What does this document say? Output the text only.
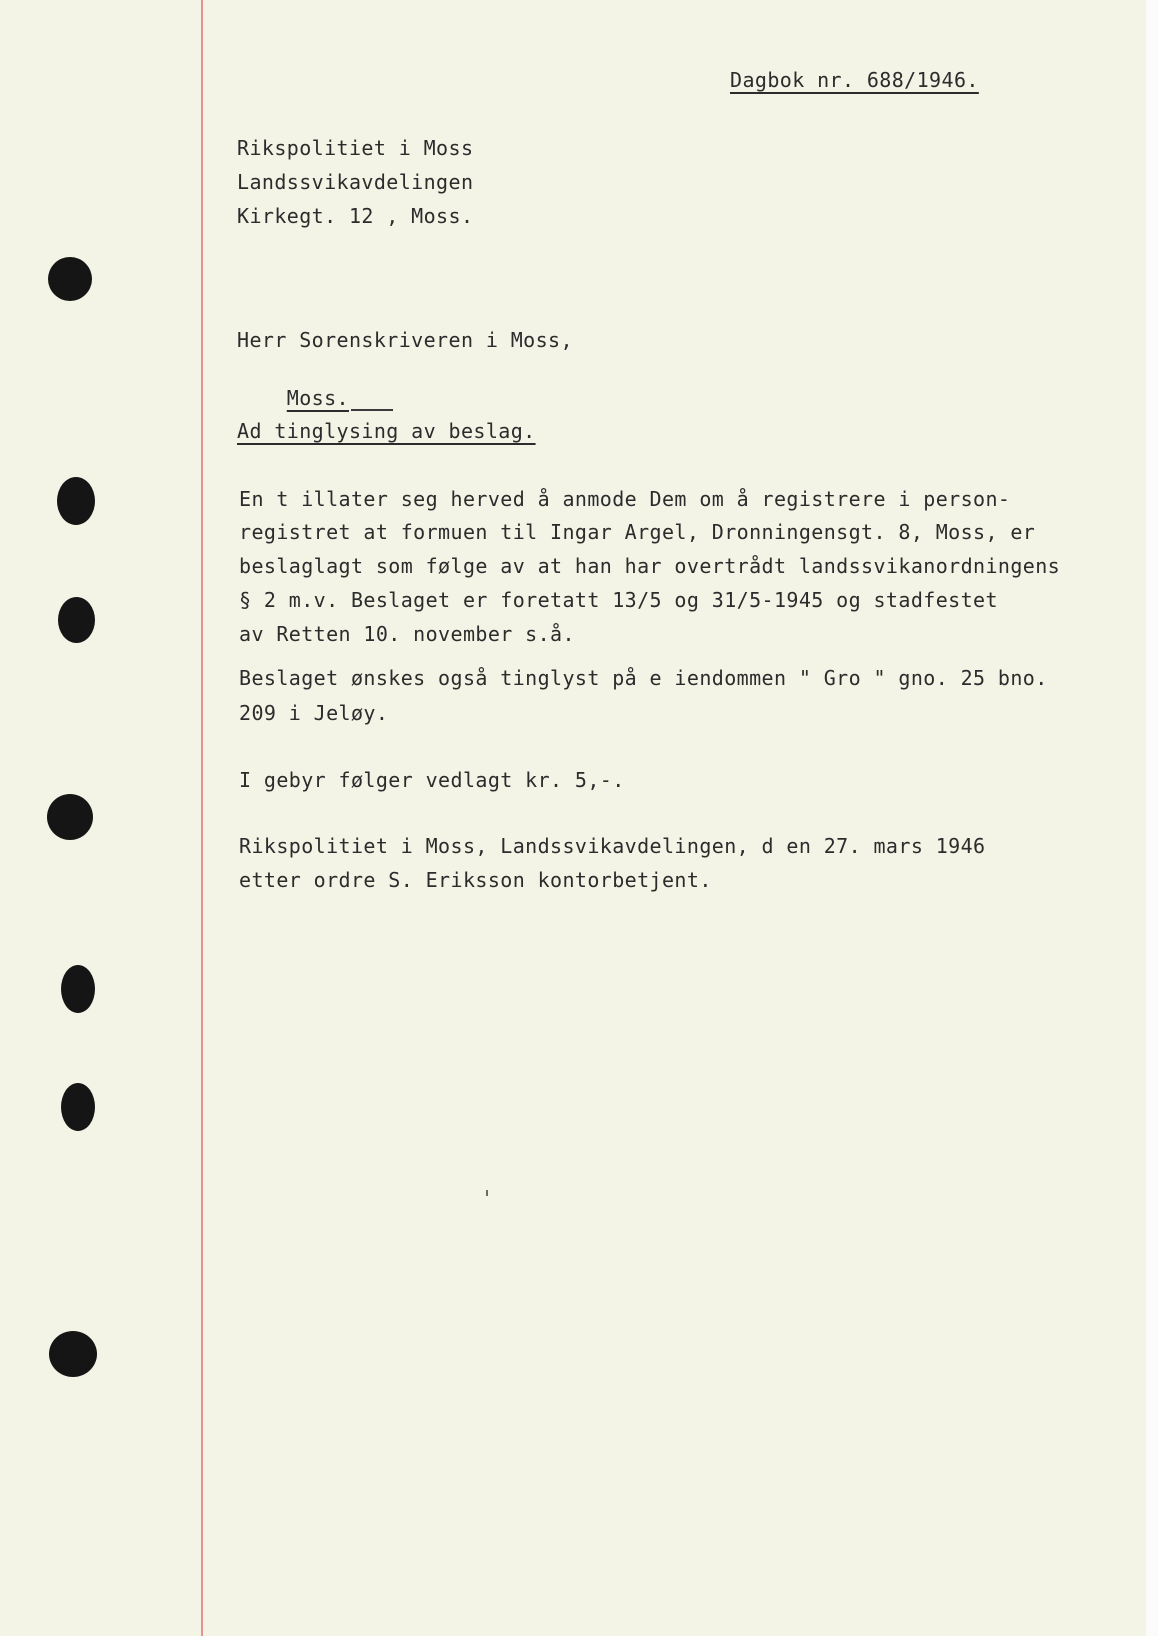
Dagbok nr. 688/1946.
Rikspolitiet i Moss
Landssvikavdelingen
Kirkegt. 12 , Moss.
Herr Sorenskriveren i Moss,

Moss.

Ad tinglysing av beslag.
En t illater seg herved å anmode Dem om å registrere i person-
registret at formuen til Ingar Argel, Dronningensgt. 8, Moss, er
beslaglagt som følge av at han har overtrådt landssvikanordningens
§ 2 m.v. Beslaget er foretatt 13/5 og 31/5-1945 og stadfestet
av Retten 10. november s.å.
Beslaget ønskes også tinglyst på e iendommen " Gro " gno. 25 bno.
209 i Jeløy.
I gebyr følger vedlagt kr. 5,-.
Rikspolitiet i Moss, Landssvikavdelingen, d en 27. mars 1946
etter ordre S. Eriksson kontorbetjent.
